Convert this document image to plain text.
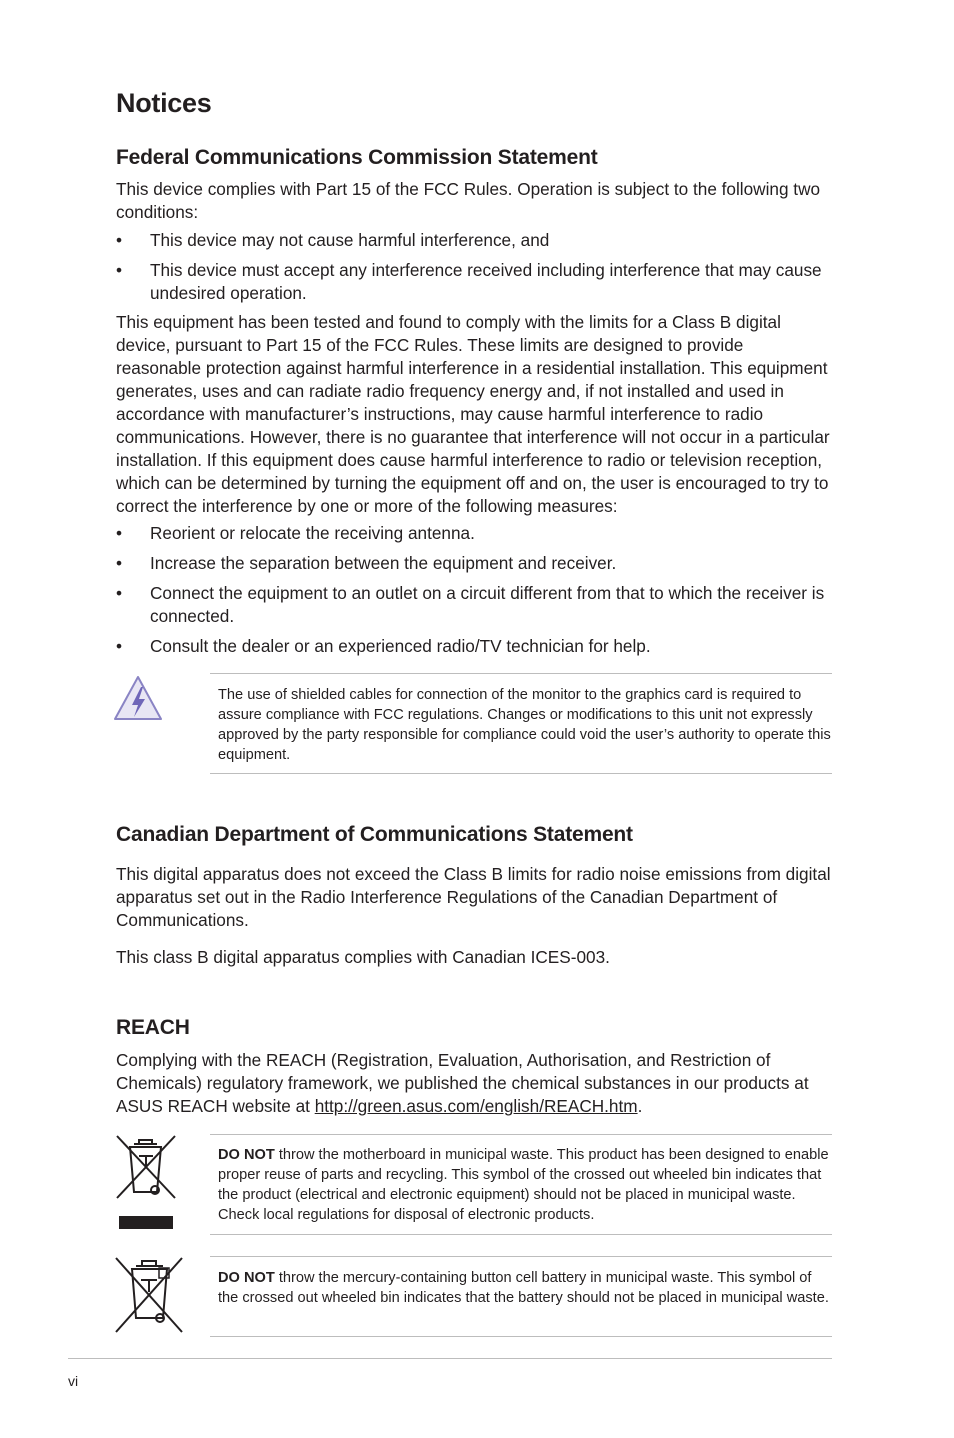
Notices
Federal Communications Commission Statement

This device complies with Part 15 of the FCC Rules. Operation is subject to the following two conditions:

• This device may not cause harmful interference, and
• This device must accept any interference received including interference that may cause undesired operation.

This equipment has been tested and found to comply with the limits for a Class B digital device, pursuant to Part 15 of the FCC Rules. These limits are designed to provide reasonable protection against harmful interference in a residential installation. This equipment generates, uses and can radiate radio frequency energy and, if not installed and used in accordance with manufacturer’s instructions, may cause harmful interference to radio communications. However, there is no guarantee that interference will not occur in a particular installation. If this equipment does cause harmful interference to radio or television reception, which can be determined by turning the equipment off and on, the user is encouraged to try to correct the interference by one or more of the following measures:

• Reorient or relocate the receiving antenna.
• Increase the separation between the equipment and receiver.
• Connect the equipment to an outlet on a circuit different from that to which the receiver is connected.
• Consult the dealer or an experienced radio/TV technician for help.
The use of shielded cables for connection of the monitor to the graphics card is required to assure compliance with FCC regulations. Changes or modifications to this unit not expressly approved by the party responsible for compliance could void the user’s authority to operate this equipment.
Canadian Department of Communications Statement

This digital apparatus does not exceed the Class B limits for radio noise emissions from digital apparatus set out in the Radio Interference Regulations of the Canadian Department of Communications.

This class B digital apparatus complies with Canadian ICES-003.

REACH
Complying with the REACH (Registration, Evaluation, Authorisation, and Restriction of Chemicals) regulatory framework, we published the chemical substances in our products at ASUS REACH website at http://green.asus.com/english/REACH.htm.
DO NOT throw the motherboard in municipal waste. This product has been designed to enable proper reuse of parts and recycling. This symbol of the crossed out wheeled bin indicates that the product (electrical and electronic equipment) should not be placed in municipal waste. Check local regulations for disposal of electronic products.
DO NOT throw the mercury-containing button cell battery in municipal waste. This symbol of the crossed out wheeled bin indicates that the battery should not be placed in municipal waste.
vi
